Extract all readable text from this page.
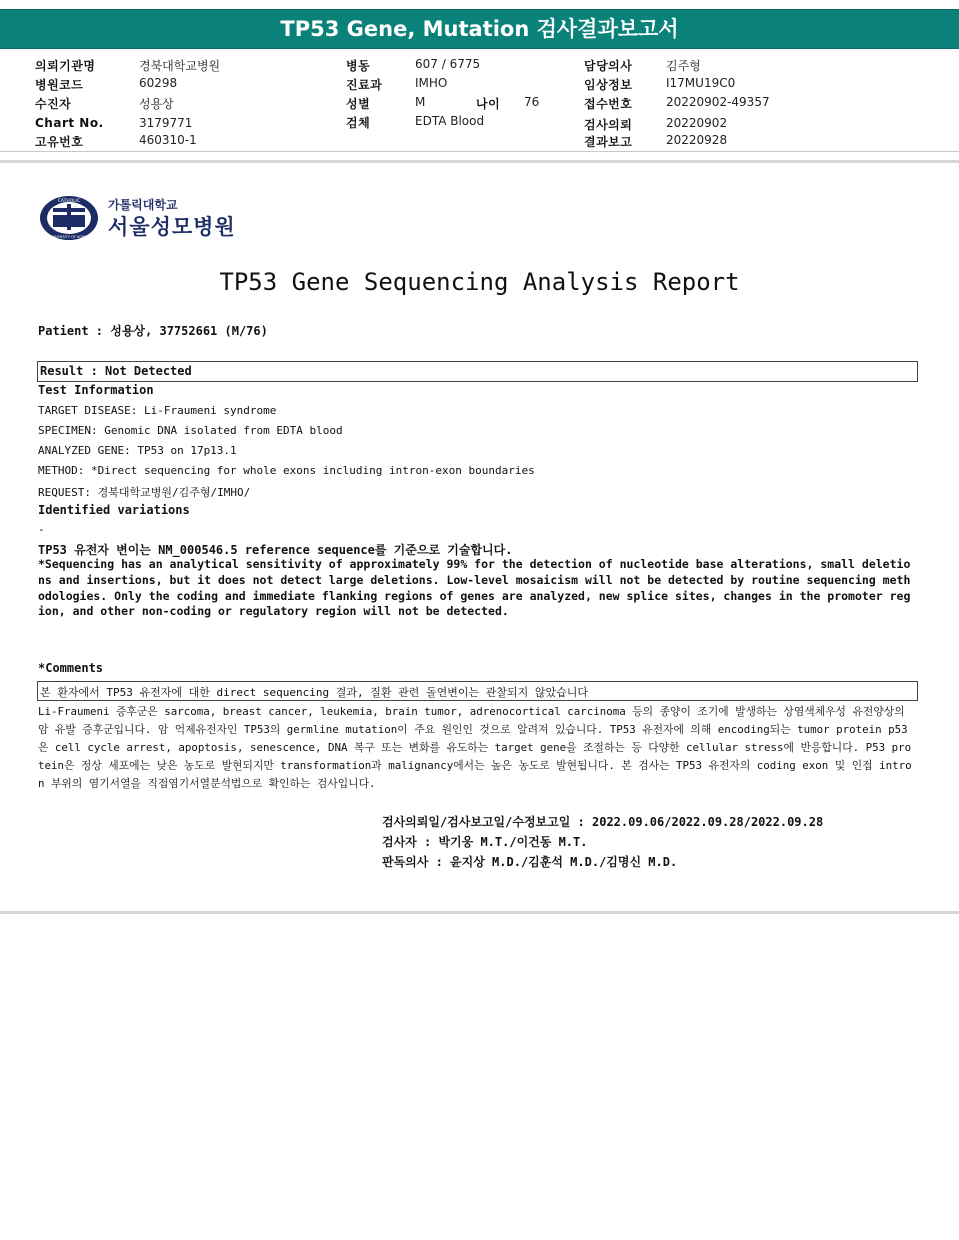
TP53 Gene, Mutation 검사결과보고서
의뢰기관명	경북대학교병원
병원코드	60298
수진자	성용상
Chart No.	3179771
고유번호	460310-1
병동	607 / 6775
진료과	IMHO
성별	M	나이 76
검체	EDTA Blood
담당의사	김주형
임상정보	I17MU19C0
접수번호	20220902-49357
검사의뢰	20220902
결과보고	20220928
CATHOLIC
UNIVERSITY OF KOREA
가톨릭대학교
서울성모병원
TP53 Gene Sequencing Analysis Report
Patient : 성용상, 37752661 (M/76)
Result : Not Detected
Test Information
TARGET DISEASE: Li-Fraumeni syndrome
SPECIMEN: Genomic DNA isolated from EDTA blood
ANALYZED GENE: TP53 on 17p13.1
METHOD: *Direct sequencing for whole exons including intron-exon boundaries
REQUEST: 경북대학교병원/김주형/IMHO/
Identified variations
-
TP53 유전자 변이는 NM_000546.5 reference sequence를 기준으로 기술합니다.
*Sequencing has an analytical sensitivity of approximately 99% for the detection of nucleotide base alterations, small deletions and insertions, but it does not detect large deletions. Low-level mosaicism will not be detected by routine sequencing methodologies. Only the coding and immediate flanking regions of genes are analyzed, new splice sites, changes in the promoter region, and other non-coding or regulatory region will not be detected.
*Comments
본 환자에서 TP53 유전자에 대한 direct sequencing 결과, 질환 관련 돌연변이는 관찰되지 않았습니다
Li-Fraumeni 증후군은 sarcoma, breast cancer, leukemia, brain tumor, adrenocortical carcinoma 등의 종양이 조기에 발생하는 상염색체우성 유전양상의 암 유발 증후군입니다. 암 억제유전자인 TP53의 germline mutation이 주요 원인인 것으로 알려져 있습니다. TP53 유전자에 의해 encoding되는 tumor protein p53은 cell cycle arrest, apoptosis, senescence, DNA 복구 또는 변화를 유도하는 target gene을 조절하는 등 다양한 cellular stress에 반응합니다. P53 protein은 정상 세포에는 낮은 농도로 발현되지만 transformation과 malignancy에서는 높은 농도로 발현됩니다. 본 검사는 TP53 유전자의 coding exon 및 인접 intron 부위의 염기서열을 직접염기서열분석법으로 확인하는 검사입니다.
검사의뢰일/검사보고일/수정보고일 : 2022.09.06/2022.09.28/2022.09.28
검사자 : 박기웅 M.T./이건동 M.T.
판독의사 : 윤지상 M.D./김훈석 M.D./김명신 M.D.
